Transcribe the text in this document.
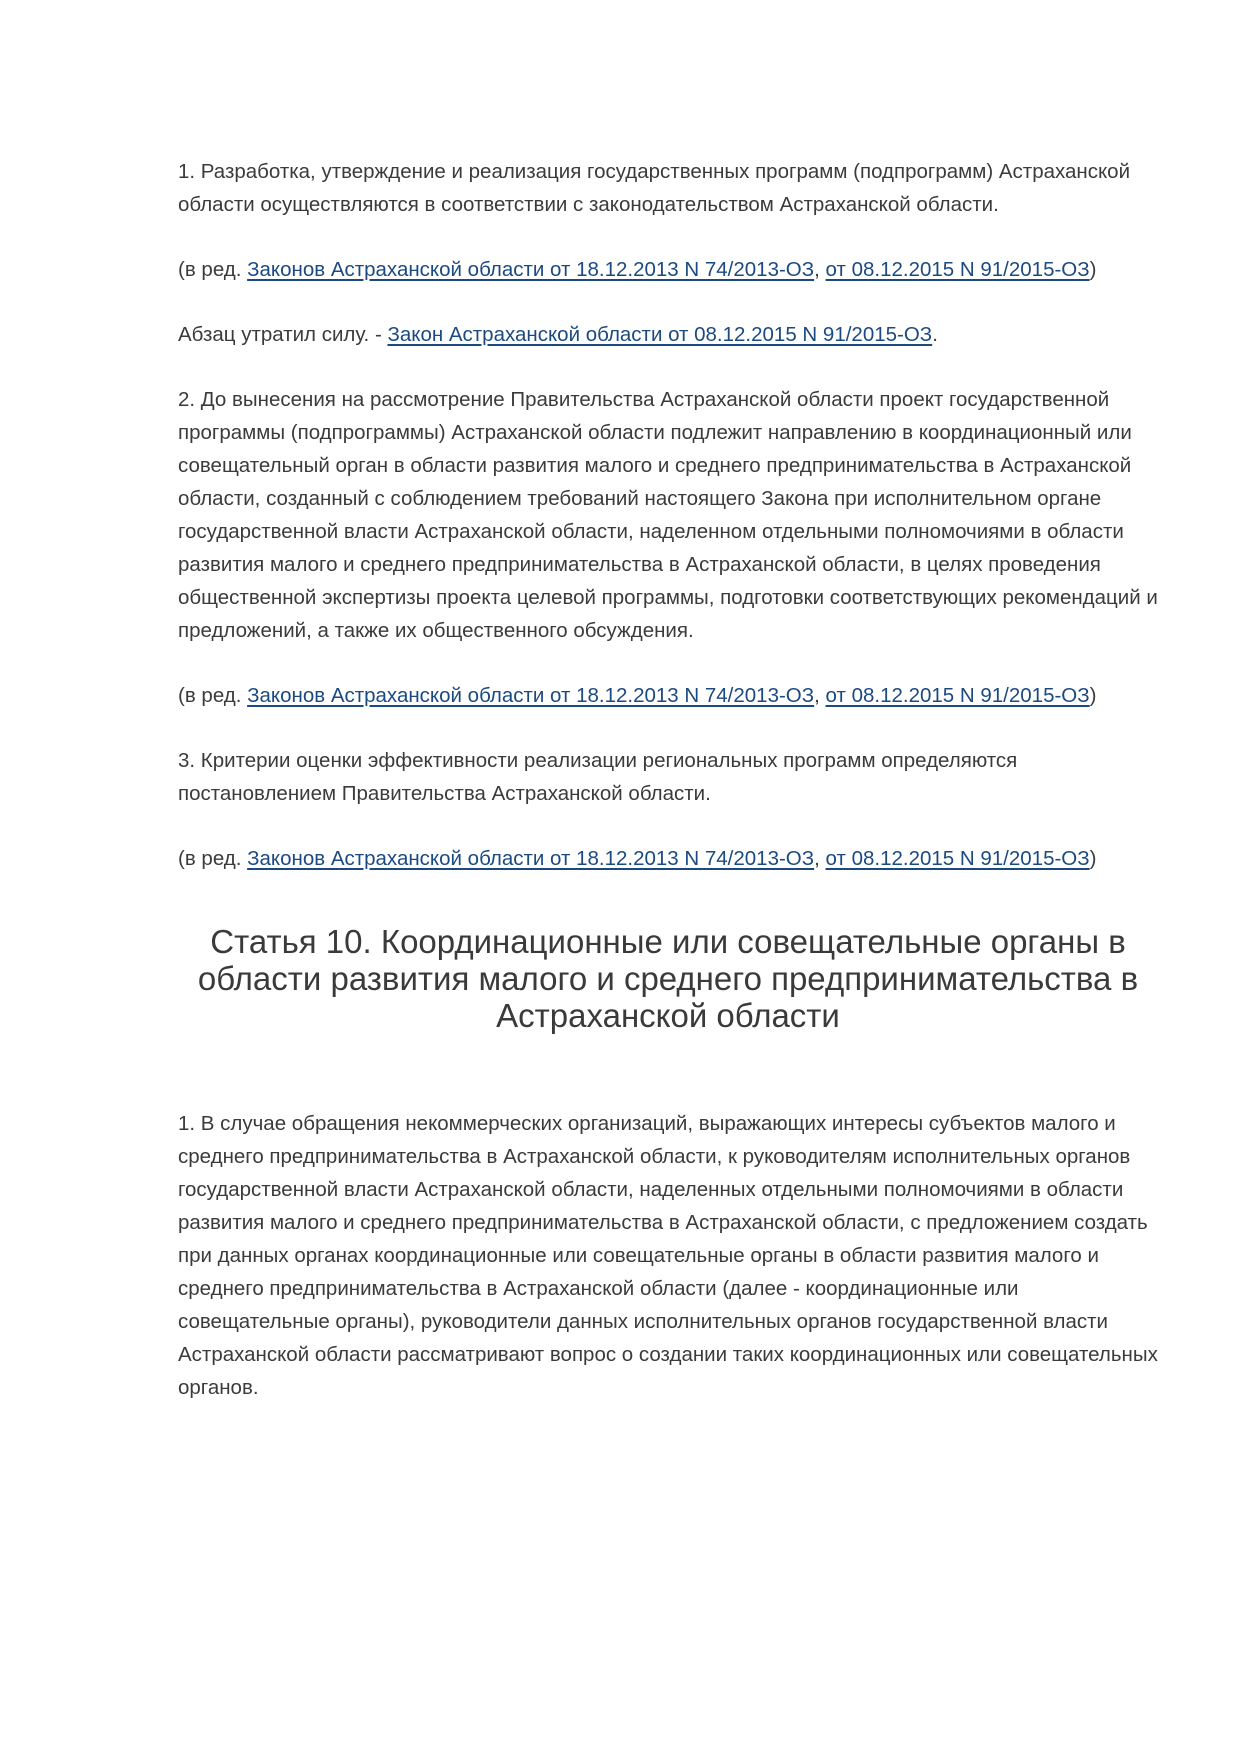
1. Разработка, утверждение и реализация государственных программ (подпрограмм) Астраханской области осуществляются в соответствии с законодательством Астраханской области.

(в ред. Законов Астраханской области от 18.12.2013 N 74/2013-ОЗ, от 08.12.2015 N 91/2015-ОЗ)

Абзац утратил силу. - Закон Астраханской области от 08.12.2015 N 91/2015-ОЗ.

2. До вынесения на рассмотрение Правительства Астраханской области проект государственной программы (подпрограммы) Астраханской области подлежит направлению в координационный или совещательный орган в области развития малого и среднего предпринимательства в Астраханской области, созданный с соблюдением требований настоящего Закона при исполнительном органе государственной власти Астраханской области, наделенном отдельными полномочиями в области развития малого и среднего предпринимательства в Астраханской области, в целях проведения общественной экспертизы проекта целевой программы, подготовки соответствующих рекомендаций и предложений, а также их общественного обсуждения.

(в ред. Законов Астраханской области от 18.12.2013 N 74/2013-ОЗ, от 08.12.2015 N 91/2015-ОЗ)

3. Критерии оценки эффективности реализации региональных программ определяются постановлением Правительства Астраханской области.

(в ред. Законов Астраханской области от 18.12.2013 N 74/2013-ОЗ, от 08.12.2015 N 91/2015-ОЗ)

Статья 10. Координационные или совещательные органы в области развития малого и среднего предпринимательства в Астраханской области

1. В случае обращения некоммерческих организаций, выражающих интересы субъектов малого и среднего предпринимательства в Астраханской области, к руководителям исполнительных органов государственной власти Астраханской области, наделенных отдельными полномочиями в области развития малого и среднего предпринимательства в Астраханской области, с предложением создать при данных органах координационные или совещательные органы в области развития малого и среднего предпринимательства в Астраханской области (далее - координационные или совещательные органы), руководители данных исполнительных органов государственной власти Астраханской области рассматривают вопрос о создании таких координационных или совещательных органов.
